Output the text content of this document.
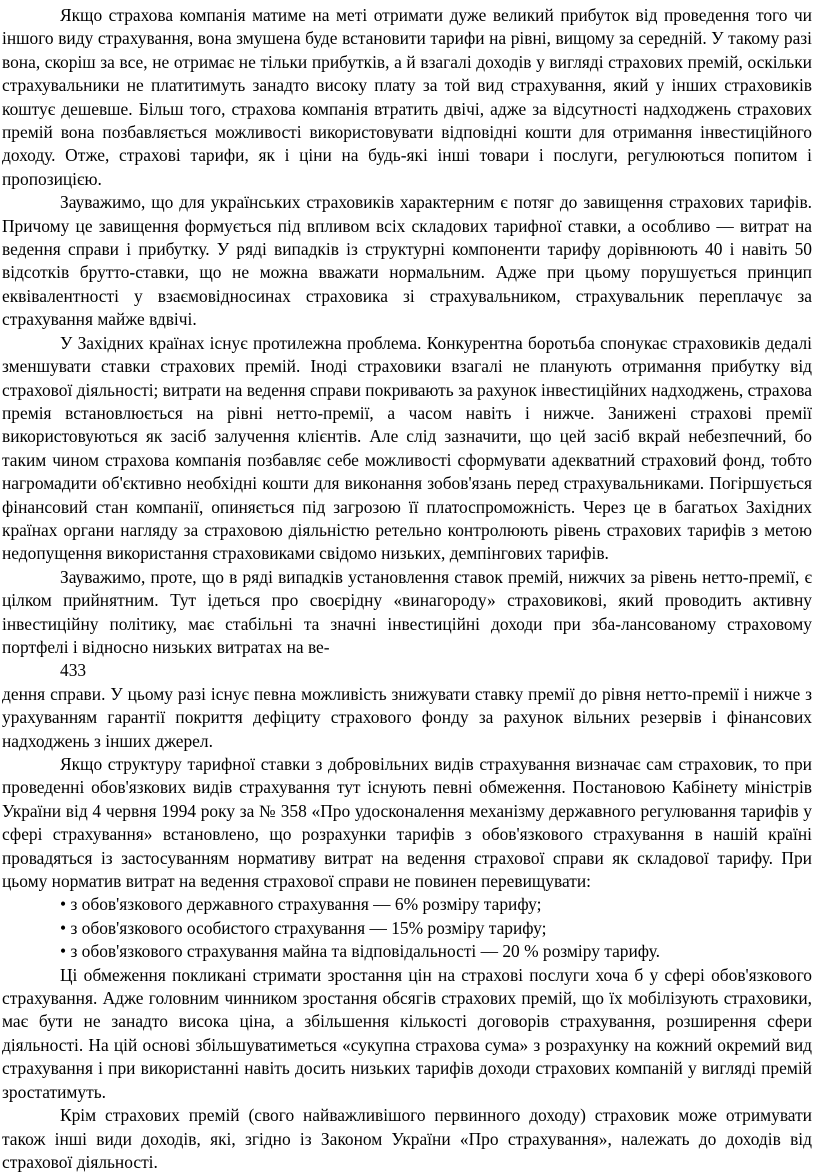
Якщо страхова компанія матиме на меті отримати дуже великий прибуток від проведення того чи іншого виду страхування, вона змушена буде встановити тарифи на рівні, вищому за середній. У такому разі вона, скоріш за все, не отримає не тільки прибутків, а й взагалі доходів у вигляді страхових премій, оскільки страхувальники не платитимуть занадто високу плату за той вид страхування, який у інших страховиків коштує дешевше. Більш того, страхова компанія втратить двічі, адже за відсутності надходжень страхових премій вона позбавляється можливості використовувати відповідні кошти для отримання інвестиційного доходу. Отже, страхові тарифи, як і ціни на будь-які інші товари і послуги, регулюються попитом і пропозицією.

Зауважимо, що для українських страховиків характерним є потяг до завищення страхових тарифів. Причому це завищення формується під впливом всіх складових тарифної ставки, а особливо — витрат на ведення справи і прибутку. У ряді випадків із структурні компоненти тарифу дорівнюють 40 і навіть 50 відсотків брутто-ставки, що не можна вважати нормальним. Адже при цьому порушується принцип еквівалентності у взаємовідносинах страховика зі страхувальником, страхувальник переплачує за страхування майже вдвічі.

У Західних країнах існує протилежна проблема. Конкурентна боротьба спонукає страховиків дедалі зменшувати ставки страхових премій. Іноді страховики взагалі не планують отримання прибутку від страхової діяльності; витрати на ведення справи покривають за рахунок інвестиційних надходжень, страхова премія встановлюється на рівні нетто-премії, а часом навіть і нижче. Занижені страхові премії використовуються як засіб залучення клієнтів. Але слід зазначити, що цей засіб вкрай небезпечний, бо таким чином страхова компанія позбавляє себе можливості сформувати адекватний страховий фонд, тобто нагромадити об'єктивно необхідні кошти для виконання зобов'язань перед страхувальниками. Погіршується фінансовий стан компанії, опиняється під загрозою її платоспроможність. Через це в багатьох Західних країнах органи нагляду за страховою діяльністю ретельно контролюють рівень страхових тарифів з метою недопущення використання страховиками свідомо низьких, демпінгових тарифів.

Зауважимо, проте, що в ряді випадків установлення ставок премій, нижчих за рівень нетто-премії, є цілком прийнятним. Тут ідеться про своєрідну «винагороду» страховикові, який проводить активну інвестиційну політику, має стабільні та значні інвестиційні доходи при зба-лансованому страховому портфелі і відносно низьких витратах на ве-

433

дення справи. У цьому разі існує певна можливість знижувати ставку премії до рівня нетто-премії і нижче з урахуванням гарантії покриття дефіциту страхового фонду за рахунок вільних резервів і фінансових надходжень з інших джерел.

Якщо структуру тарифної ставки з добровільних видів страхування визначає сам страховик, то при проведенні обов'язкових видів страхування тут існують певні обмеження. Постановою Кабінету міністрів України від 4 червня 1994 року за № 358 «Про удосконалення механізму державного регулювання тарифів у сфері страхування» встановлено, що розрахунки тарифів з обов'язкового страхування в нашій країні провадяться із застосуванням нормативу витрат на ведення страхової справи як складової тарифу. При цьому норматив витрат на ведення страхової справи не повинен перевищувати:

• з обов'язкового державного страхування — 6% розміру тарифу;
• з обов'язкового особистого страхування — 15% розміру тарифу;
• з обов'язкового страхування майна та відповідальності — 20 % розміру тарифу.

Ці обмеження покликані стримати зростання цін на страхові послуги хоча б у сфері обов'язкового страхування. Адже головним чинником зростання обсягів страхових премій, що їх мобілізують страховики, має бути не занадто висока ціна, а збільшення кількості договорів страхування, розширення сфери діяльності. На цій основі збільшуватиметься «сукупна страхова сума» з розрахунку на кожний окремий вид страхування і при використанні навіть досить низьких тарифів доходи страхових компаній у вигляді премій зростатимуть.

Крім страхових премій (свого найважливішого первинного доходу) страховик може отримувати також інші види доходів, які, згідно із Законом України «Про страхування», належать до доходів від страхової діяльності.
